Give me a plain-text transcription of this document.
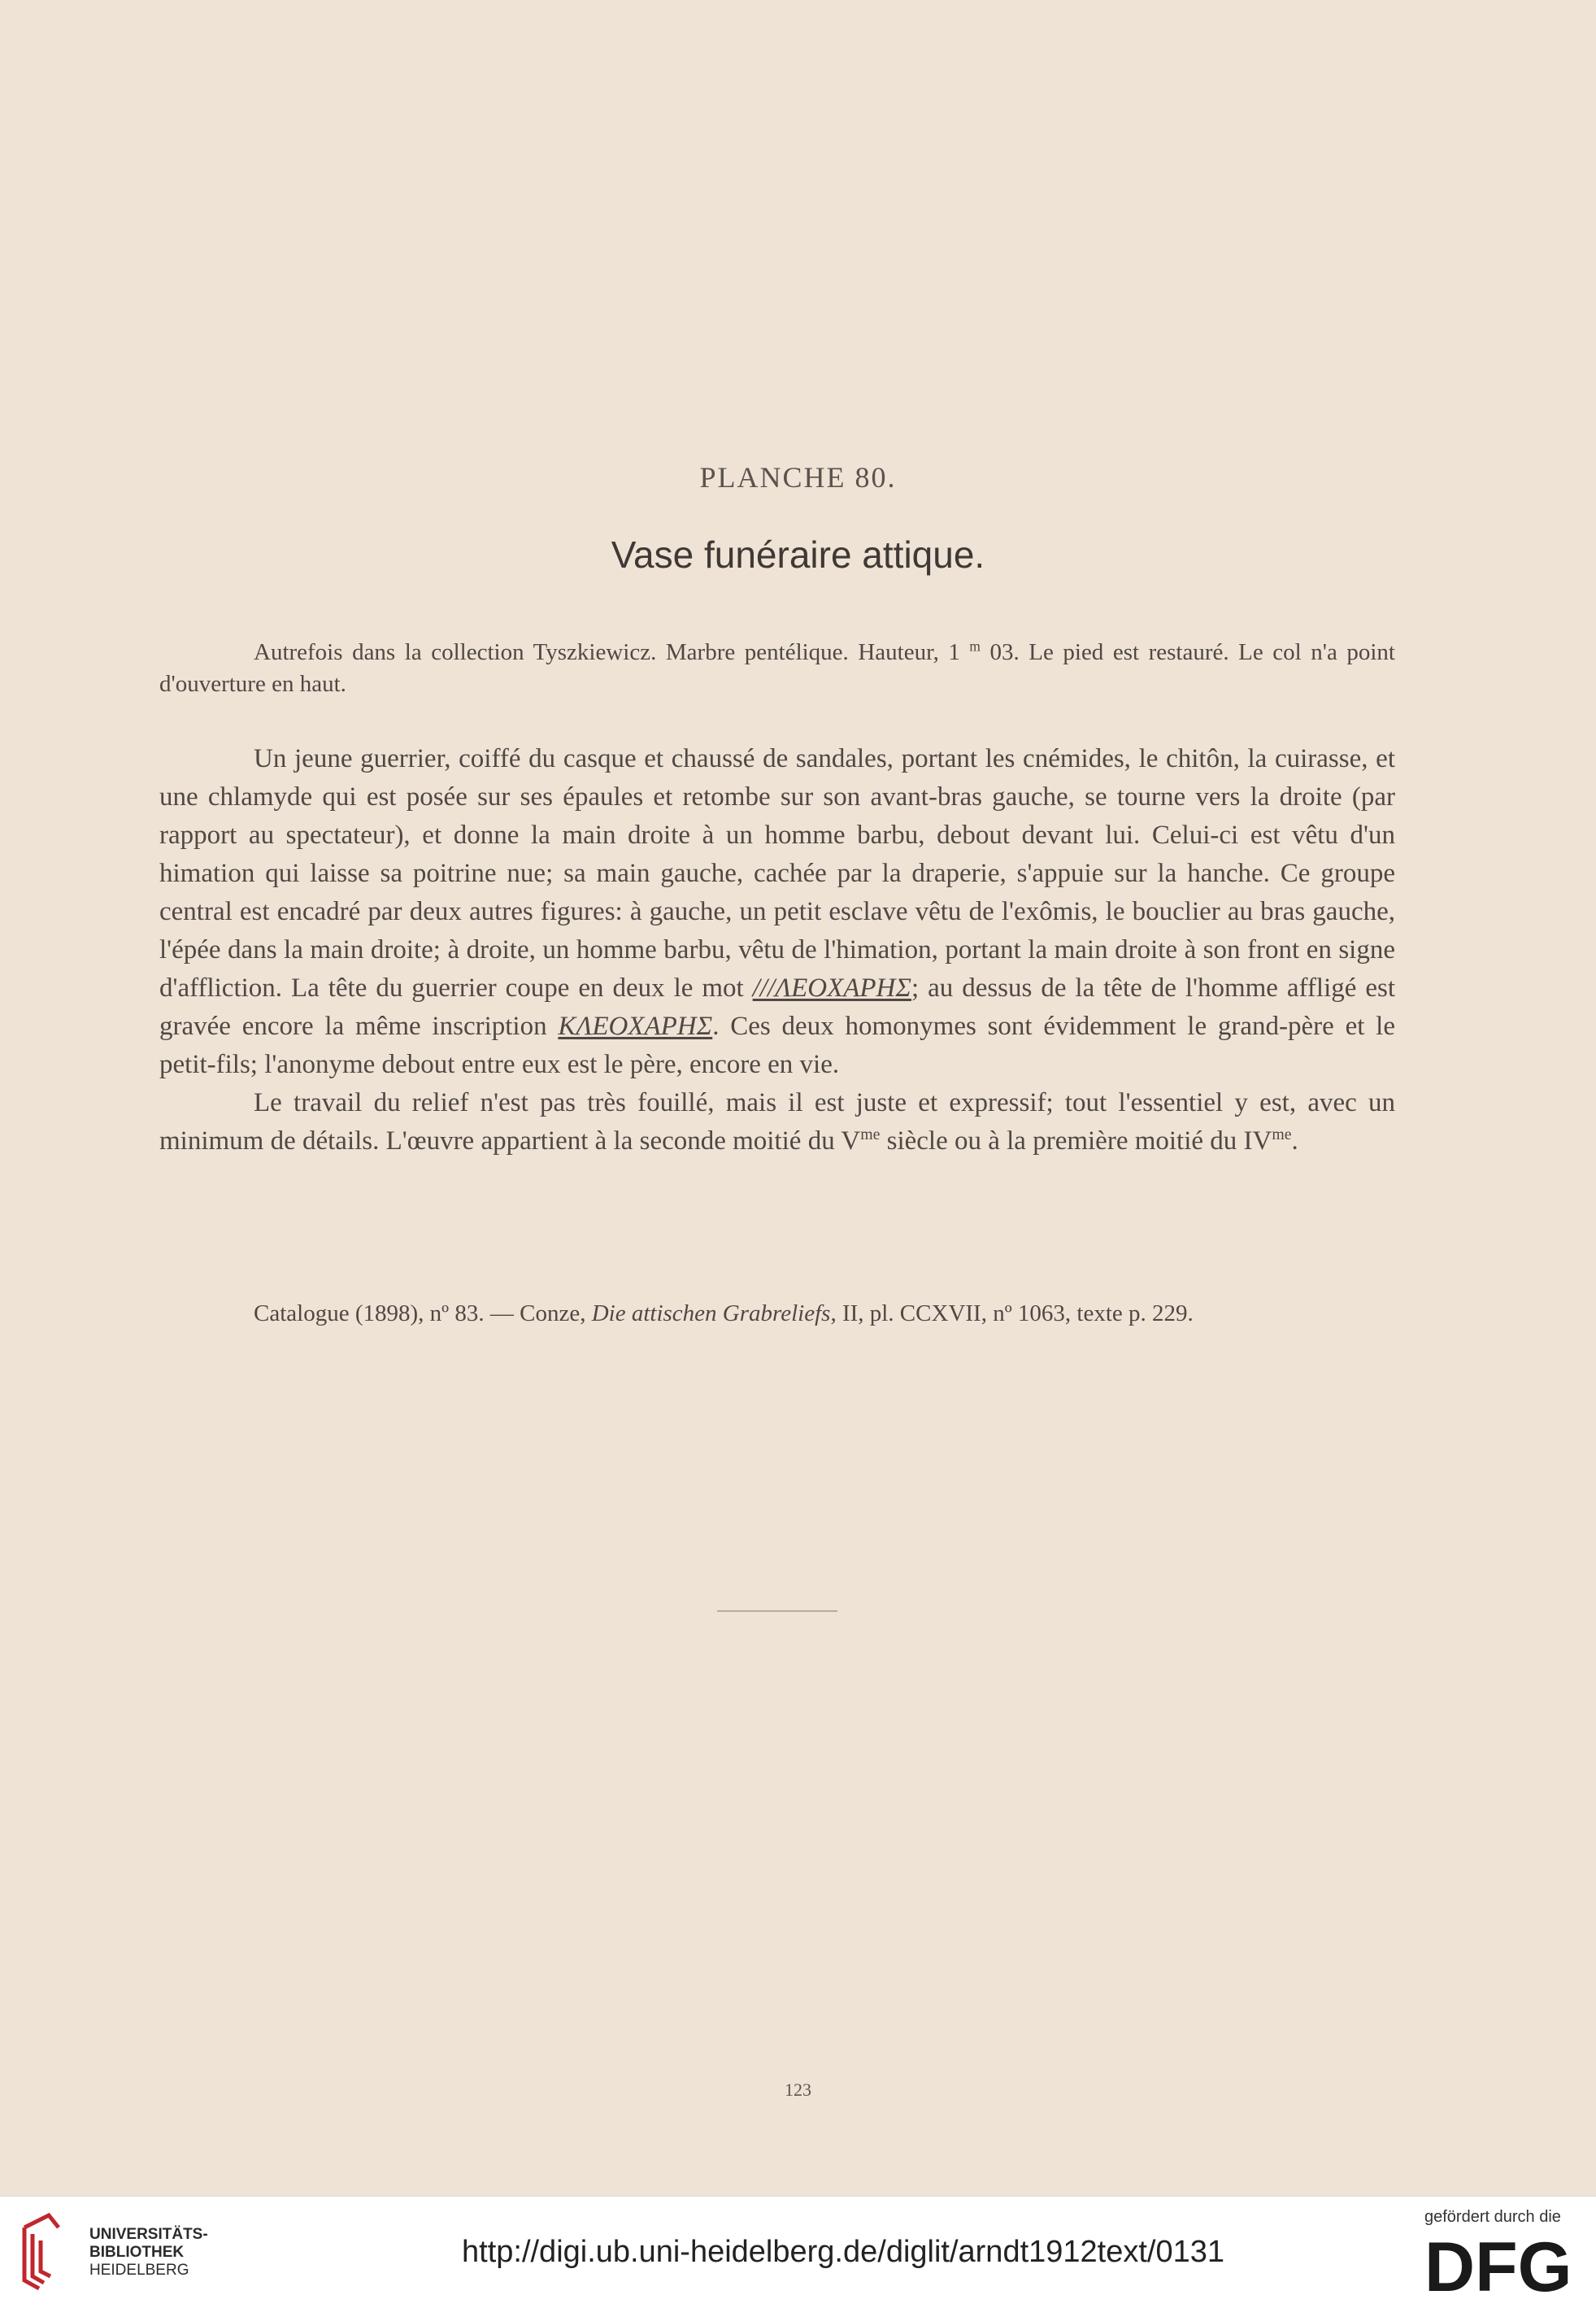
PLANCHE 80.
Vase funéraire attique.

Autrefois dans la collection Tyszkiewicz. Marbre pentélique. Hauteur, 1 $^m$ 03. Le pied est restauré. Le col n'a point d'ouverture en haut.

Un jeune guerrier, coiffé du casque et chaussé de sandales, portant les cnémides, le chitôn, la cuirasse, et une chlamyde qui est posée sur ses épaules et retombe sur son avant-bras gauche, se tourne vers la droite (par rapport au spectateur), et donne la main droite à un homme barbu, debout devant lui. Celui-ci est vêtu d'un himation qui laisse sa poitrine nue; sa main gauche, cachée par la draperie, s'appuie sur la hanche. Ce groupe central est encadré par deux autres figures: à gauche, un petit esclave vêtu de l'exômis, le bouclier au bras gauche, l'épée dans la main droite; à droite, un homme barbu, vêtu de l'himation, portant la main droite à son front en signe d'affliction. La tête du guerrier coupe en deux le mot ///ΛΕΟΧΑΡΗΣ; au dessus de la tête de l'homme affligé est gravée encore la même inscription ΚΛΕΟΧΑΡΗΣ. Ces deux homonymes sont évidemment le grand-père et le petit-fils; l'anonyme debout entre eux est le père, encore en vie.

Le travail du relief n'est pas très fouillé, mais il est juste et expressif; tout l'essentiel y est, avec un minimum de détails. L'œuvre appartient à la seconde moitié du $V^{me}$ siècle ou à la première moitié du $IV^{me}$.

Catalogue (1898), nº 83. — Conze, Die attischen Grabreliefs, II, pl. CCXVII, nº 1063, texte p. 229.

123
UNIVERSITÄTS-
BIBLIOTHEK
HEIDELBERG
http://digi.ub.uni-heidelberg.de/diglit/arndt1912text/0131
gefördert durch die
DFG
